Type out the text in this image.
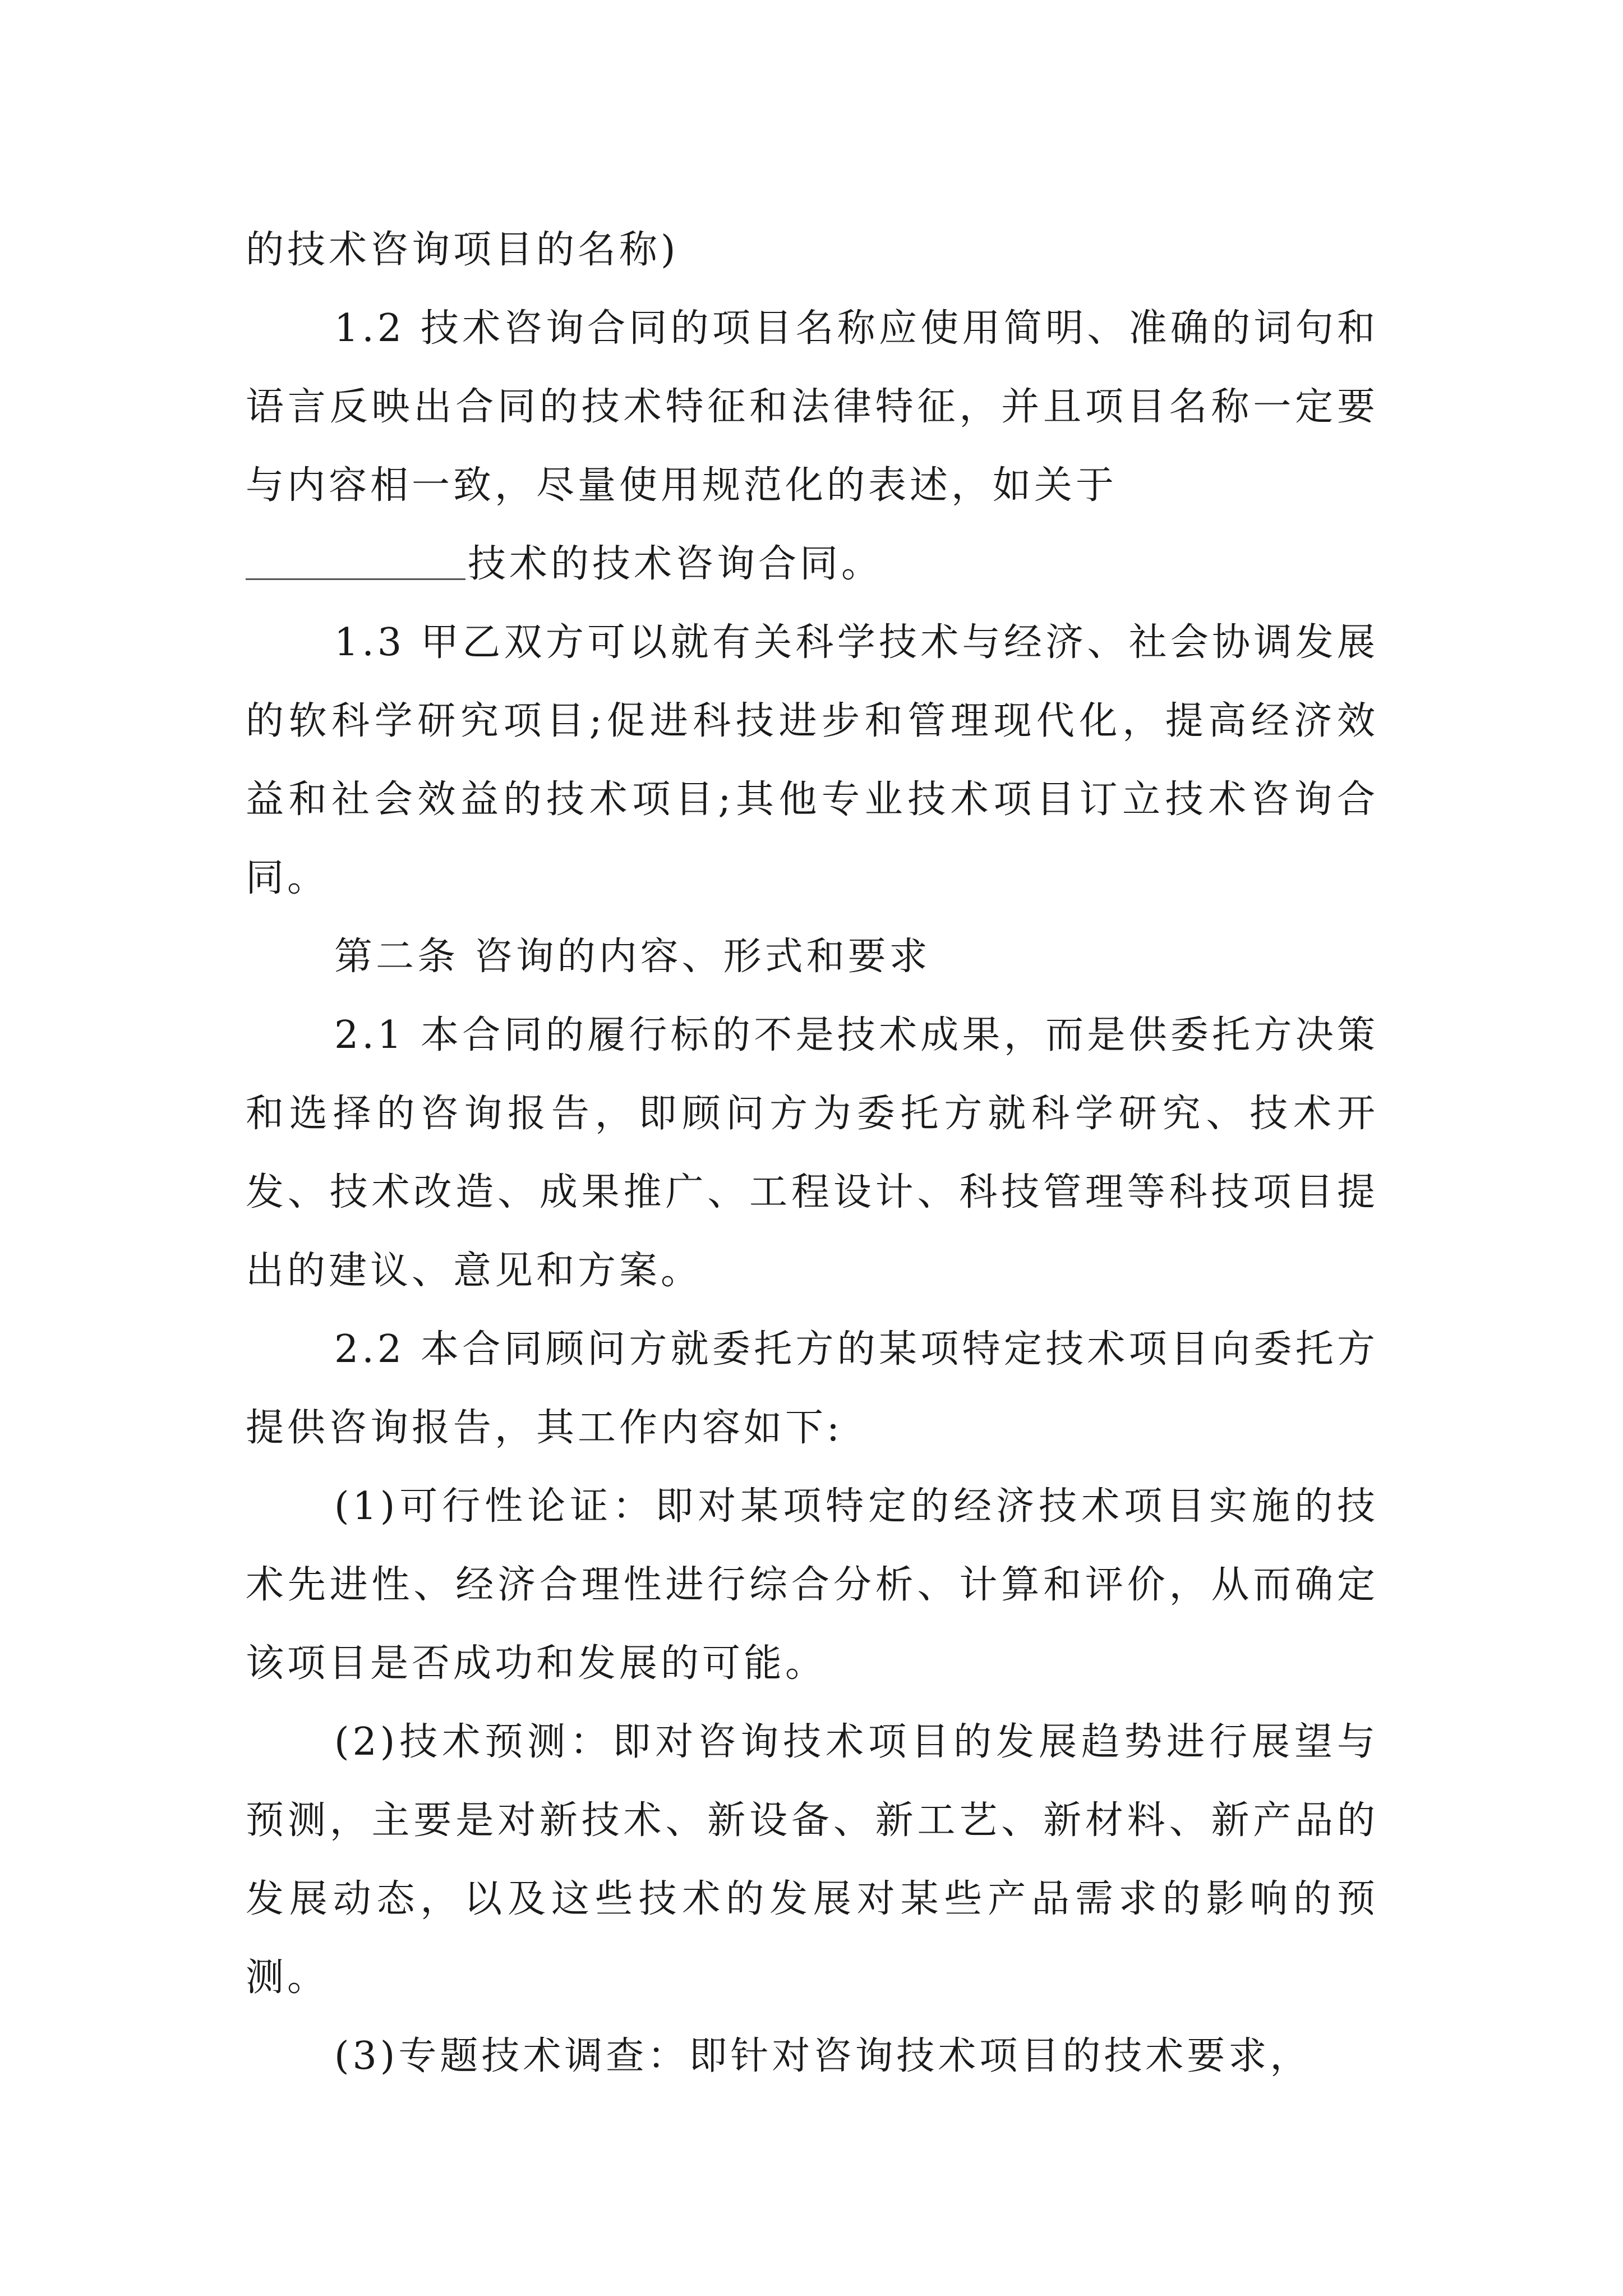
的技术咨询项目的名称)

1.2 技术咨询合同的项目名称应使用简明、准确的词句和语言反映出合同的技术特征和法律特征，并且项目名称一定要与内容相一致，尽量使用规范化的表述，如关于
技术的技术咨询合同。

1.3 甲乙双方可以就有关科学技术与经济、社会协调发展的软科学研究项目;促进科技进步和管理现代化，提高经济效益和社会效益的技术项目;其他专业技术项目订立技术咨询合同。

第二条 咨询的内容、形式和要求

2.1 本合同的履行标的不是技术成果，而是供委托方决策和选择的咨询报告，即顾问方为委托方就科学研究、技术开发、技术改造、成果推广、工程设计、科技管理等科技项目提出的建议、意见和方案。

2.2 本合同顾问方就委托方的某项特定技术项目向委托方提供咨询报告，其工作内容如下:

(1)可行性论证：即对某项特定的经济技术项目实施的技术先进性、经济合理性进行综合分析、计算和评价，从而确定该项目是否成功和发展的可能。

(2)技术预测：即对咨询技术项目的发展趋势进行展望与预测，主要是对新技术、新设备、新工艺、新材料、新产品的发展动态，以及这些技术的发展对某些产品需求的影响的预测。

(3)专题技术调查：即针对咨询技术项目的技术要求，
